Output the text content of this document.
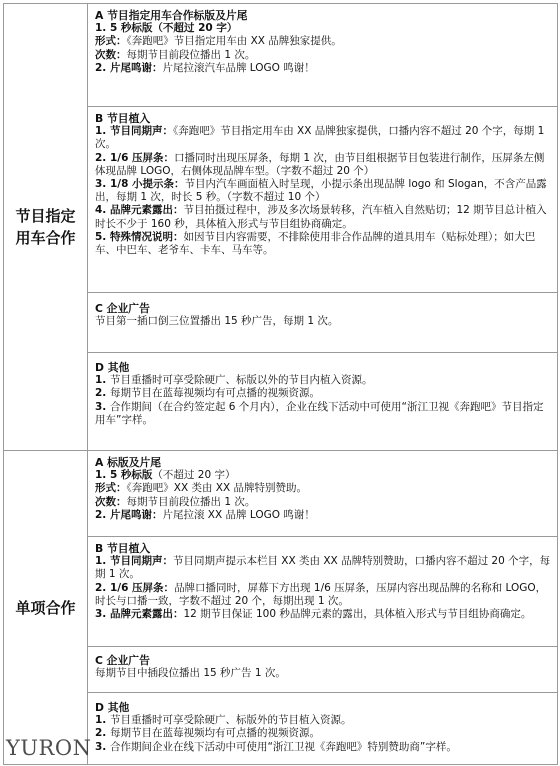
节目指定
用车合作
A 节目指定用车合作标版及片尾
1. 5 秒标版（不超过 20 字）
形式：《奔跑吧》节目指定用车由 XX 品牌独家提供。
次数：每期节目前段位播出 1 次。
2. 片尾鸣谢：片尾拉滚汽车品牌 LOGO 鸣谢！
B 节目植入
1. 节目同期声：《奔跑吧》节目指定用车由 XX 品牌独家提供，口播内容不超过 20 个字，每期 1 次。
2. 1/6 压屏条：口播同时出现压屏条，每期 1 次，由节目组根据节目包装进行制作，压屏条左侧体现品牌 LOGO，右侧体现品牌车型。（字数不超过 20 个）
3. 1/8 小提示条：节目内汽车画面植入时呈现，小提示条出现品牌 logo 和 Slogan，不含产品露出，每期 1 次，时长 5 秒。（字数不超过 10 个）
4. 品牌元素露出：节目拍摄过程中，涉及多次场景转移，汽车植入自然贴切；12 期节目总计植入时长不少于 160 秒，具体植入形式与节目组协商确定。
5. 特殊情况说明：如因节目内容需要，不排除使用非合作品牌的道具用车（贴标处理）；如大巴车、中巴车、老爷车、卡车、马车等。
C 企业广告
节目第一插口倒三位置播出 15 秒广告，每期 1 次。
D 其他
1. 节目重播时可享受除硬广、标版以外的节目内植入资源。
2. 每期节目在蓝莓视频均有可点播的视频资源。
3. 合作期间（在合约签定起 6 个月内），企业在线下活动中可使用“浙江卫视《奔跑吧》节目指定用车”字样。
单项合作
A 标版及片尾
1. 5 秒标版（不超过 20 字）
形式：《奔跑吧》XX 类由 XX 品牌特别赞助。
次数：每期节目前段位播出 1 次。
2. 片尾鸣谢：片尾拉滚 XX 品牌 LOGO 鸣谢！
B 节目植入
1. 节目同期声：节目同期声提示本栏目 XX 类由 XX 品牌特别赞助，口播内容不超过 20 个字，每期 1 次。
2. 1/6 压屏条：品牌口播同时，屏幕下方出现 1/6 压屏条，压屏内容出现品牌的名称和 LOGO，时长与口播一致，字数不超过 20 个，每期出现 1 次。
3. 品牌元素露出：12 期节目保证 100 秒品牌元素的露出，具体植入形式与节目组协商确定。
C 企业广告
每期节目中插段位播出 15 秒广告 1 次。
D 其他
1. 节目重播时可享受除硬广、标版外的节目植入资源。
2. 每期节目在蓝莓视频均有可点播的视频资源。
3. 合作期间企业在线下活动中可使用“浙江卫视《奔跑吧》特别赞助商”字样。
YURON
